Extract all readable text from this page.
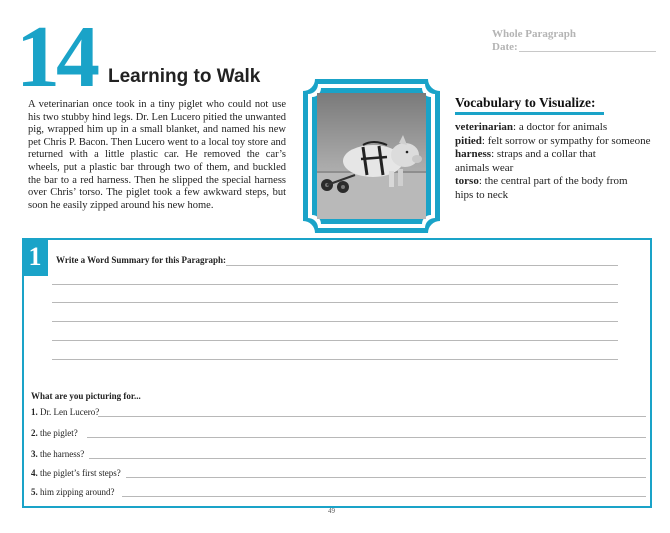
14 Learning to Walk
Whole Paragraph
Date:
A veterinarian once took in a tiny piglet who could not use his two stubby hind legs. Dr. Len Lucero pitied the unwanted pig, wrapped him up in a small blanket, and named his new pet Chris P. Bacon. Then Lucero went to a local toy store and returned with a little plastic car. He removed the car’s wheels, put a plastic bar through two of them, and buckled the bar to a red harness. Then he slipped the special harness over Chris’ torso. The piglet took a few awkward steps, but soon he easily zipped around his new home.
Vocabulary to Visualize:
veterinarian: a doctor for animals
pitied: felt sorrow or sympathy for someone
harness: straps and a collar that animals wear
torso: the central part of the body from hips to neck
1	Write a Word Summary for this Paragraph:
What are you picturing for...
1. Dr. Len Lucero?
2. the piglet?
3. the harness?
4. the piglet’s first steps?
5. him zipping around?
49
